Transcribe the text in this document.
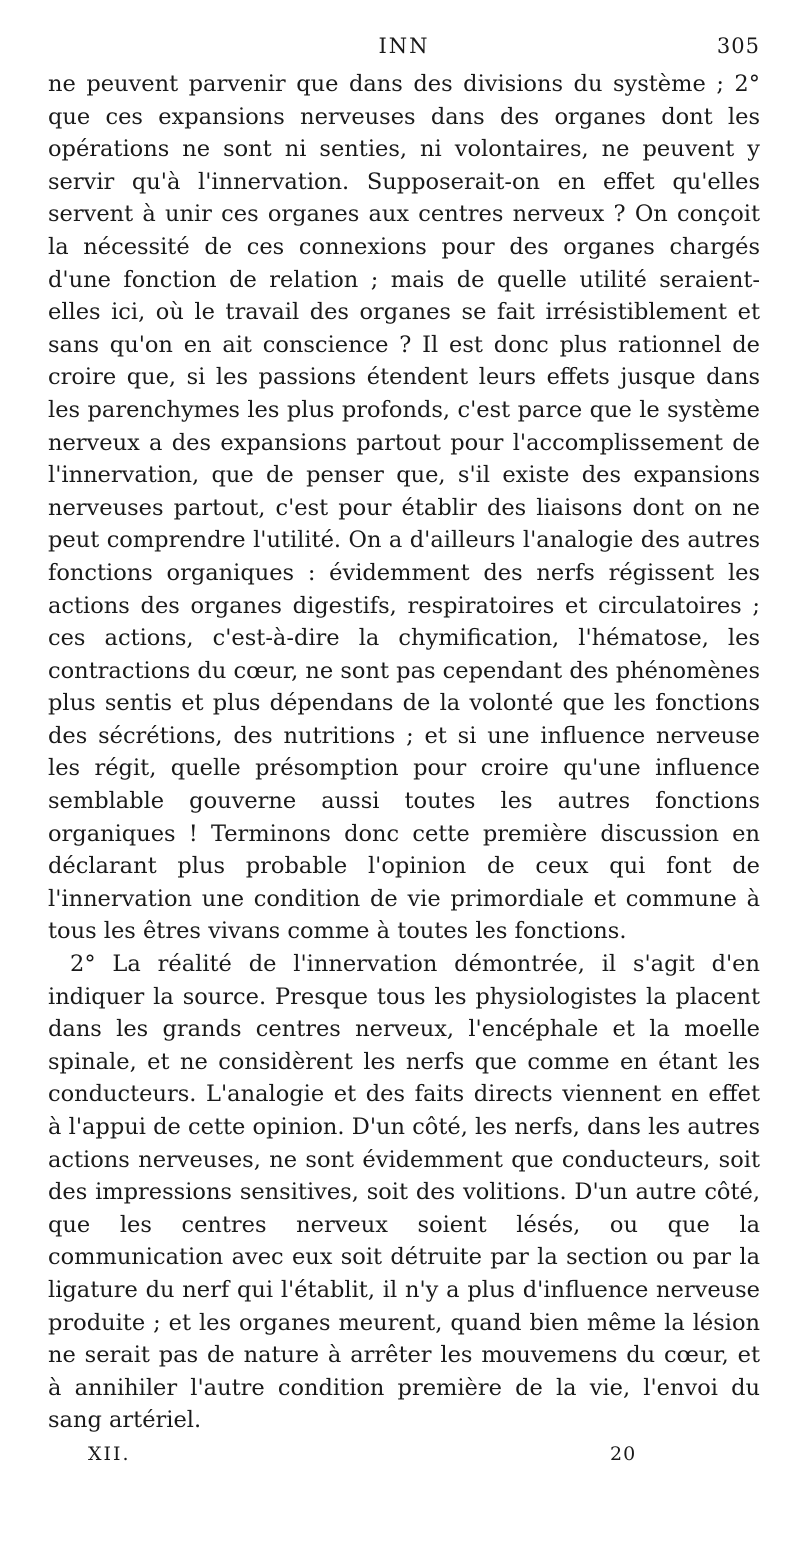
INN	305

ne peuvent parvenir que dans des divisions du système ; 2° que ces expansions nerveuses dans des organes dont les opérations ne sont ni senties, ni volontaires, ne peuvent y servir qu'à l'innervation. Supposerait-on en effet qu'elles servent à unir ces organes aux centres nerveux ? On conçoit la nécessité de ces connexions pour des organes chargés d'une fonction de relation ; mais de quelle utilité seraient-elles ici, où le travail des organes se fait irrésistiblement et sans qu'on en ait conscience ? Il est donc plus rationnel de croire que, si les passions étendent leurs effets jusque dans les parenchymes les plus profonds, c'est parce que le système nerveux a des expansions partout pour l'accomplissement de l'innervation, que de penser que, s'il existe des expansions nerveuses partout, c'est pour établir des liaisons dont on ne peut comprendre l'utilité. On a d'ailleurs l'analogie des autres fonctions organiques : évidemment des nerfs régissent les actions des organes digestifs, respiratoires et circulatoires ; ces actions, c'est-à-dire la chymification, l'hématose, les contractions du cœur, ne sont pas cependant des phénomènes plus sentis et plus dépendans de la volonté que les fonctions des sécrétions, des nutritions ; et si une influence nerveuse les régit, quelle présomption pour croire qu'une influence semblable gouverne aussi toutes les autres fonctions organiques ! Terminons donc cette première discussion en déclarant plus probable l'opinion de ceux qui font de l'innervation une condition de vie primordiale et commune à tous les êtres vivans comme à toutes les fonctions.

2° La réalité de l'innervation démontrée, il s'agit d'en indiquer la source. Presque tous les physiologistes la placent dans les grands centres nerveux, l'encéphale et la moelle spinale, et ne considèrent les nerfs que comme en étant les conducteurs. L'analogie et des faits directs viennent en effet à l'appui de cette opinion. D'un côté, les nerfs, dans les autres actions nerveuses, ne sont évidemment que conducteurs, soit des impressions sensitives, soit des volitions. D'un autre côté, que les centres nerveux soient lésés, ou que la communication avec eux soit détruite par la section ou par la ligature du nerf qui l'établit, il n'y a plus d'influence nerveuse produite ; et les organes meurent, quand bien même la lésion ne serait pas de nature à arrêter les mouvemens du cœur, et à annihiler l'autre condition première de la vie, l'envoi du sang artériel.

XII.	20
